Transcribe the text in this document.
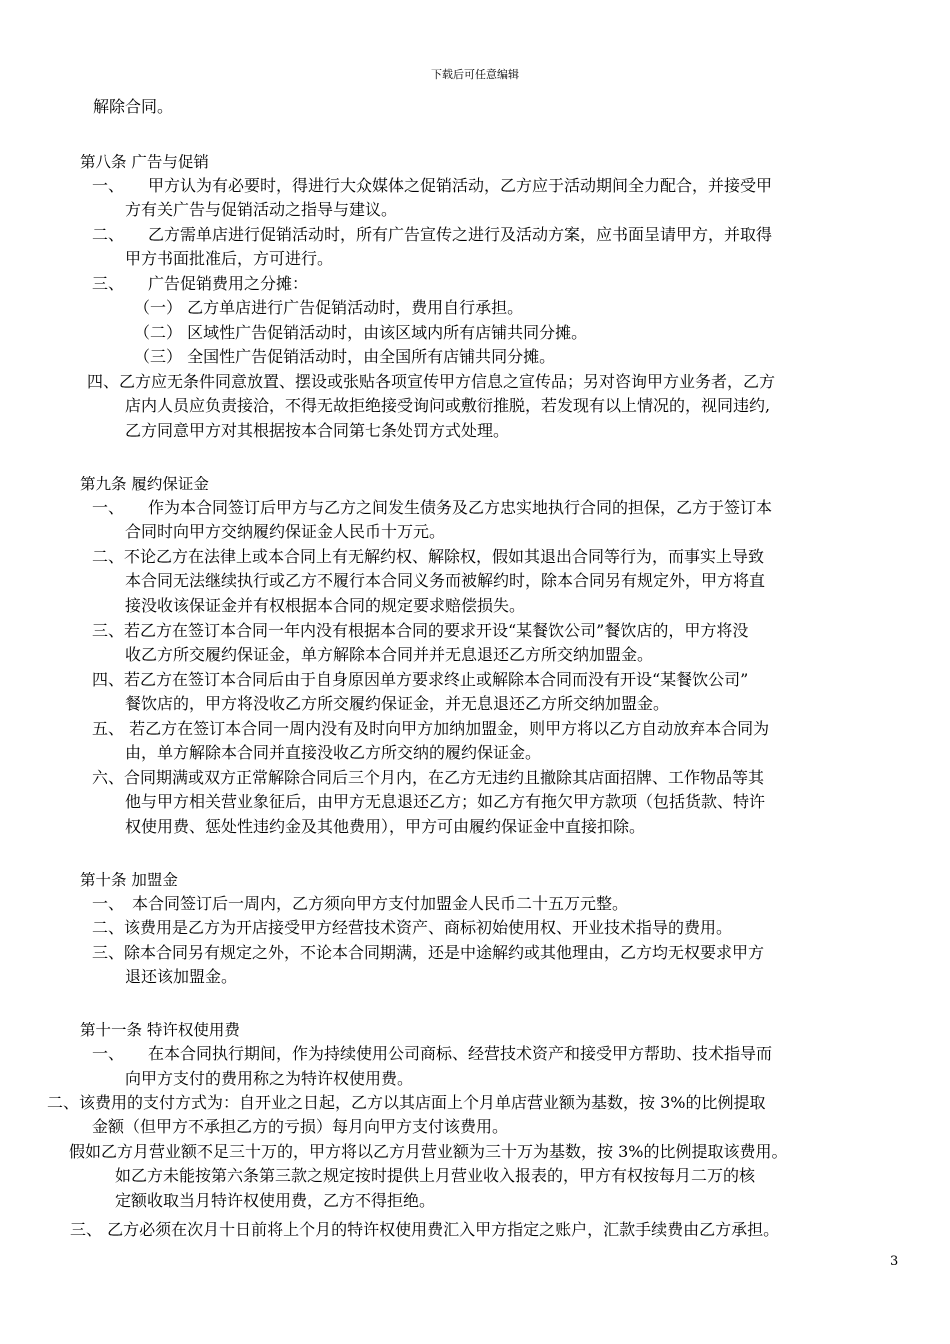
下载后可任意编辑
解除合同。
第八条 广告与促销
一、　　甲方认为有必要时，得进行大众媒体之促销活动，乙方应于活动期间全力配合，并接受甲
方有关广告与促销活动之指导与建议。
二、　　乙方需单店进行促销活动时，所有广告宣传之进行及活动方案，应书面呈请甲方，并取得
甲方书面批准后，方可进行。
三、　　广告促销费用之分摊：
（一） 乙方单店进行广告促销活动时，费用自行承担。
（二） 区域性广告促销活动时，由该区域内所有店铺共同分摊。
（三） 全国性广告促销活动时，由全国所有店铺共同分摊。
四、乙方应无条件同意放置、摆设或张贴各项宣传甲方信息之宣传品；另对咨询甲方业务者，乙方
店内人员应负责接洽，不得无故拒绝接受询问或敷衍推脱，若发现有以上情况的，视同违约,
乙方同意甲方对其根据按本合同第七条处罚方式处理。
第九条 履约保证金
一、　　作为本合同签订后甲方与乙方之间发生债务及乙方忠实地执行合同的担保，乙方于签订本
合同时向甲方交纳履约保证金人民币十万元。
二、不论乙方在法律上或本合同上有无解约权、解除权，假如其退出合同等行为，而事实上导致
本合同无法继续执行或乙方不履行本合同义务而被解约时，除本合同另有规定外，甲方将直
接没收该保证金并有权根据本合同的规定要求赔偿损失。
三、若乙方在签订本合同一年内没有根据本合同的要求开设“某餐饮公司”餐饮店的，甲方将没
收乙方所交履约保证金，单方解除本合同并并无息退还乙方所交纳加盟金。
四、若乙方在签订本合同后由于自身原因单方要求终止或解除本合同而没有开设“某餐饮公司”
餐饮店的，甲方将没收乙方所交履约保证金，并无息退还乙方所交纳加盟金。
五、 若乙方在签订本合同一周内没有及时向甲方加纳加盟金，则甲方将以乙方自动放弃本合同为
由，单方解除本合同并直接没收乙方所交纳的履约保证金。
六、合同期满或双方正常解除合同后三个月内，在乙方无违约且撤除其店面招牌、工作物品等其
他与甲方相关营业象征后，由甲方无息退还乙方；如乙方有拖欠甲方款项（包括货款、特许
权使用费、惩处性违约金及其他费用），甲方可由履约保证金中直接扣除。
第十条 加盟金
一、　本合同签订后一周内，乙方须向甲方支付加盟金人民币二十五万元整。
二、该费用是乙方为开店接受甲方经营技术资产、商标初始使用权、开业技术指导的费用。
三、除本合同另有规定之外，不论本合同期满，还是中途解约或其他理由，乙方均无权要求甲方
退还该加盟金。
第十一条 特许权使用费
一、　　在本合同执行期间，作为持续使用公司商标、经营技术资产和接受甲方帮助、技术指导而
向甲方支付的费用称之为特许权使用费。
二、该费用的支付方式为：自开业之日起，乙方以其店面上个月单店营业额为基数，按 3%的比例提取
金额（但甲方不承担乙方的亏损）每月向甲方支付该费用。
假如乙方月营业额不足三十万的，甲方将以乙方月营业额为三十万为基数，按 3%的比例提取该费用。
如乙方未能按第六条第三款之规定按时提供上月营业收入报表的，甲方有权按每月二万的核
定额收取当月特许权使用费，乙方不得拒绝。
三、 乙方必须在次月十日前将上个月的特许权使用费汇入甲方指定之账户，汇款手续费由乙方承担。
3
